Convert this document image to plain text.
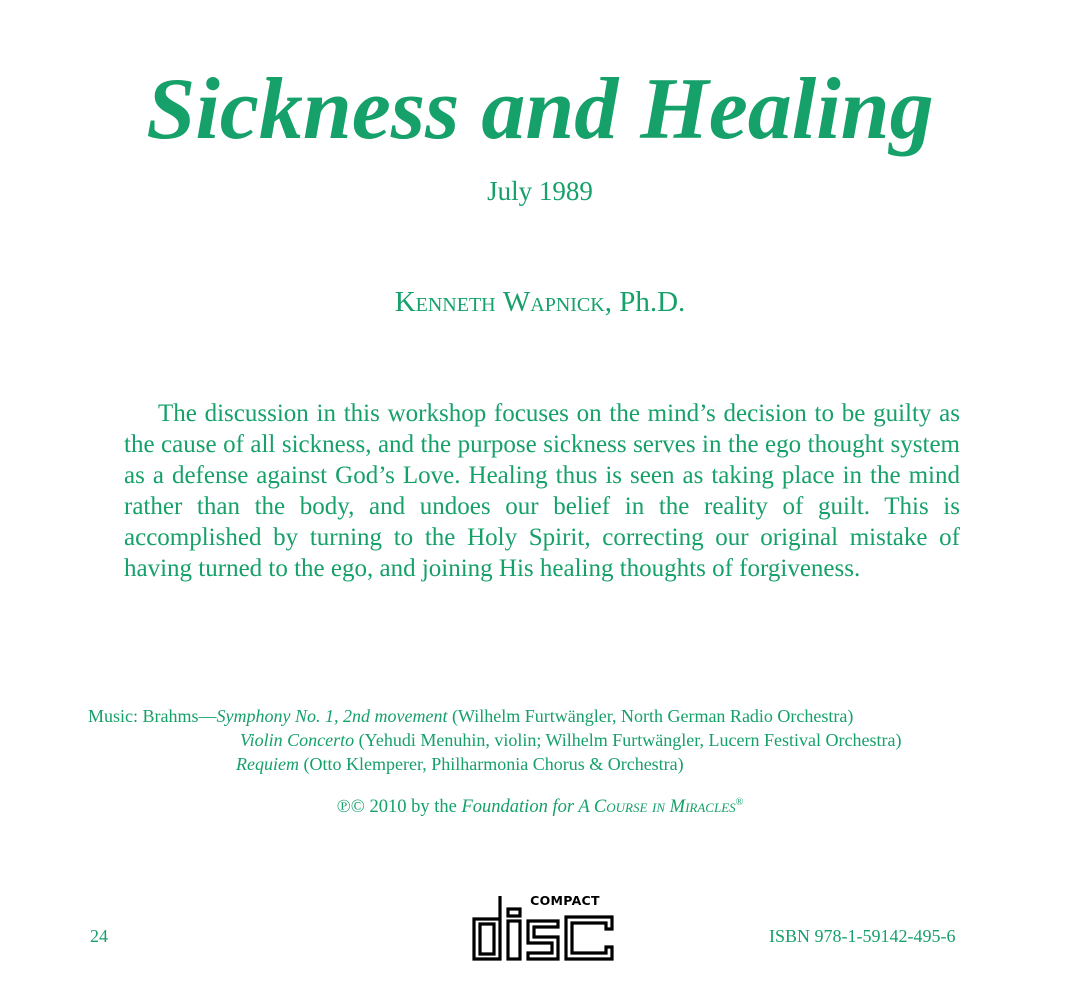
Sickness and Healing
July 1989
Kenneth Wapnick, Ph.D.
The discussion in this workshop focuses on the mind’s decision to be guilty as the cause of all sickness, and the purpose sickness serves in the ego thought system as a defense against God’s Love. Healing thus is seen as taking place in the mind rather than the body, and undoes our belief in the reality of guilt. This is accomplished by turning to the Holy Spirit, correcting our original mistake of having turned to the ego, and joining His healing thoughts of forgiveness.
Music: Brahms—Symphony No. 1, 2nd movement (Wilhelm Furtwängler, North German Radio Orchestra)
Violin Concerto (Yehudi Menuhin, violin; Wilhelm Furtwängler, Lucern Festival Orchestra)
Requiem (Otto Klemperer, Philharmonia Chorus & Orchestra)
℗© 2010 by the Foundation for A Course in Miracles®
24	ISBN 978-1-59142-495-6
COMPACT
